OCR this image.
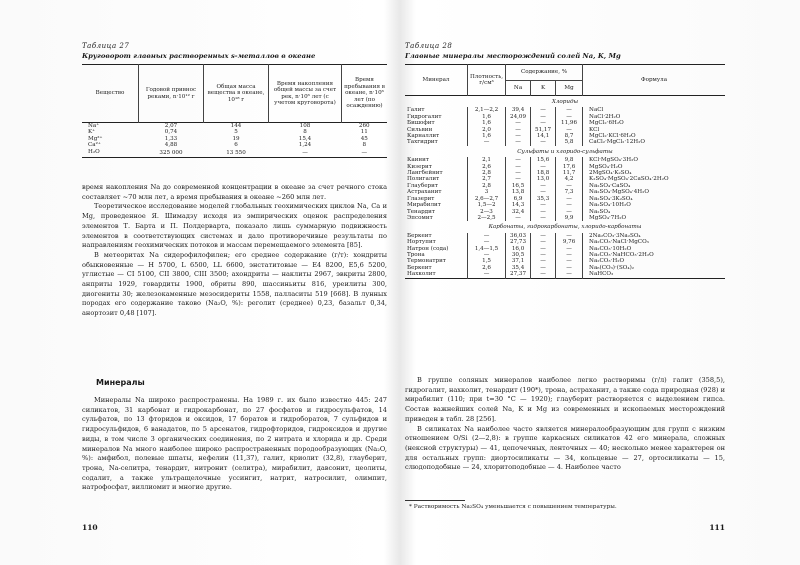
Таблица 27
Круговорот главных растворенных s-металлов в океане
Вещество	Годовой привнос реками, n·10¹² г	Общая масса вещества в океане, 10¹⁸ г	Время накопления общей массы за счет рек, n·10⁶ лет (с учетом круговорота)	Время пребывания в океане, n·10⁶ лет (по осаждению)
Na⁺	2,07	144	108	260
K⁺	0,74	5	8	11
Mg²⁺	1,33	19	15,4	45
Ca²⁺	4,88	6	1,24	8
H₂O	325 000	13 550	—	—

время накопления Na до современной концентрации в океане за счет речного стока составляет ~70 млн лет, а время пребывания в океане ~260 млн лет.

Теоретическое исследование моделей глобальных геохимических циклов Na, Ca и Mg, проведенное Я. Шимадзу исходя из эмпирических оценок распределения элементов Т. Барта и П. Полдерварта, показало лишь суммарную подвижность элементов в соответствующих системах и дало противоречивые результаты по направлениям геохимических потоков и массам перемещаемого элемента [85].

В метеоритах Na сидерофилофилен; его среднее содержание (г/т): хондриты обыкновенные — Н 5700, L 6500, LL 6600, энстатитовые — Е4 8200, Е5,6 5200, углистые — CI 5100, CII 3800, CIII 3500; ахондриты — наклиты 2967, эвкриты 2800, анприты 1929, говардиты 1900, обриты 890, шассиньиты 816, уреилиты 300, диогениты 30; железокаменные мезосидериты 1558, палласиты 519 [668]. В лунных породах его содержание таково (Na₂O, %): реголит (среднее) 0,23, базальт 0,34, анортозит 0,48 [107].

Минералы

Минералы Na широко распространены. На 1989 г. их было известно 445: 247 силикатов, 31 карбонат и гидрокарбонат, по 27 фосфатов и гидросульфатов, 14 сульфатов, по 13 фторидов и оксидов, 17 боратов и гидроборатов, 7 сульфидов и гидросульфидов, 6 ванадатов, по 5 арсенатов, гидрофторидов, гидроксидов и другие виды, в том числе 3 органических соединения, по 2 нитрата и хлорида и др. Среди минералов Na много наиболее широко распространенных породообразующих (Na₂O, %): амфибол, полевые шпаты, нефелин (11,37), галит, криолит (32,8), глауберит, трона, Na-селитра, тенардит, нитронит (селитра), мирабилит, давсонит, цеолиты, содалит, а также ультращелочные уссингит, натрит, натросилит, олимпит, натрофосфат, виллиомит и многие другие.

110
Таблица 28
Главные минералы месторождений солей Na, K, Mg
Минерал	Плотность, г/см³	Содержание, %			Формула
		Na	K	Mg	
Хлориды					
Галит	2,1—2,2	39,4	—	—	NaCl
Гидрогалит	1,6	24,09	—	—	NaCl·2H₂O
Бишофит	1,6	—	—	11,96	MgCl₂·6H₂O
Сильвин	2,0	—	51,17	—	KCl
Карналлит	1,6	—	14,1	8,7	MgCl₂·KCl·6H₂O
Тахгидрит	—	—	—	5,8	CaCl₂·MgCl₂·12H₂O
Сульфаты и хлоридо-сульфаты					
Каинит	2,1	—	15,6	9,8	KCl·MgSO₄·3H₂O
Кизерит	2,6	—	—	17,6	MgSO₄·H₂O
Лангбейнит	2,8	—	18,8	11,7	2MgSO₄·K₂SO₄
Полигалит	2,7	—	13,0	4,2	K₂SO₄·MgSO₄·2CaSO₄·2H₂O
Глауберит	2,8	16,5	—	—	Na₂SO₄·CaSO₄
Астраханит	3	13,8	—	7,3	Na₂SO₄·MgSO₄·4H₂O
Глазерит	2,6—2,7	6,9	35,3	—	Na₂SO₄·3K₂SO₄
Мирабилит	1,5—2	14,3	—	—	Na₂SO₄·10H₂O
Тенардит	2—3	32,4	—	—	Na₂SO₄
Эпсомит	2—2,5	—	—	9,9	MgSO₄·7H₂O
Карбонаты, гидрокарбонаты, хлоридо-карбонаты					
Беркеит	—	36,03	—	—	2Na₂CO₃·3Na₂SO₄
Нортупит	—	27,73	—	9,76	Na₂CO₃·NaCl·MgCO₃
Натрон (сода)	1,4—1,5	16,0	—	—	Na₂CO₃·10H₂O
Трона	—	30,5	—	—	Na₂CO₃·NaHCO₃·2H₂O
Термонатрит	1,5	37,1	—	—	Na₂CO₃·H₂O
Беркеит	2,6	35,4	—	—	Na₆(CO₃)·(SO₄)₂
Нахколит	—	27,37	—	—	NaHCO₃

В группе соляных минералов наиболее легко растворимы (г/л) галит (358,5), гидрогалит, нахколит, тенардит (190*), трона, астраханит, а также сода природная (928) и мирабилит (110; при t=30 °C — 1920); глауберит растворяется с выделением гипса. Состав важнейших солей Na, K и Mg из современных и ископаемых месторождений приведен в табл. 28 [256].

В силикатах Na наиболее часто является минералообразующим для групп с низким отношением O/Si (2—2,8): в группе каркасных силикатов 42 его минерала, сложных (нексной структуры) — 41, цепочечных, ленточных — 40; несколько менее характерен он для остальных групп: диортосиликаты — 34, кольцевые — 27, ортосиликаты — 15, слюдоподобные — 24, хлоритоподобные — 4. Наиболее часто

* Растворимость Na₂SO₄ уменьшается с повышением температуры.
111
